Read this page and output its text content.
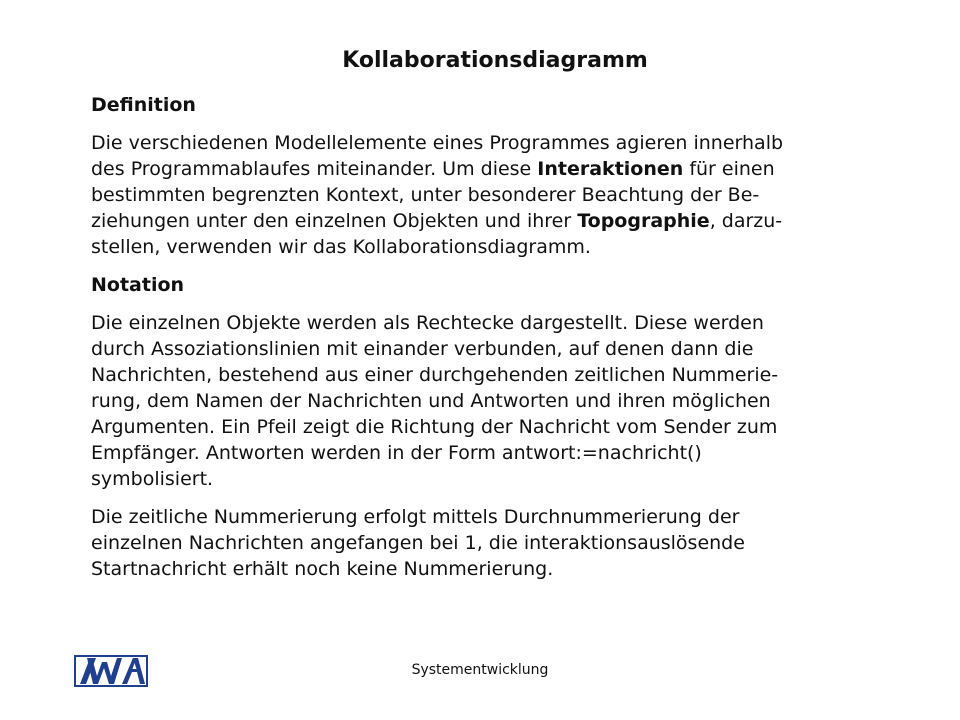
Kollaborationsdiagramm
Definition
Die verschiedenen Modellelemente eines Programmes agieren innerhalb
des Programmablaufes miteinander. Um diese Interaktionen für einen
bestimmten begrenzten Kontext, unter besonderer Beachtung der Be-
ziehungen unter den einzelnen Objekten und ihrer Topographie, darzu-
stellen, verwenden wir das Kollaborationsdiagramm.
Notation
Die einzelnen Objekte werden als Rechtecke dargestellt. Diese werden
durch Assoziationslinien mit einander verbunden, auf denen dann die
Nachrichten, bestehend aus einer durchgehenden zeitlichen Nummerie-
rung, dem Namen der Nachrichten und Antworten und ihren möglichen
Argumenten. Ein Pfeil zeigt die Richtung der Nachricht vom Sender zum
Empfänger. Antworten werden in der Form antwort:=nachricht()
symbolisiert.
Die zeitliche Nummerierung erfolgt mittels Durchnummerierung der
einzelnen Nachrichten angefangen bei 1, die interaktionsauslösende
Startnachricht erhält noch keine Nummerierung.
Systementwicklung
